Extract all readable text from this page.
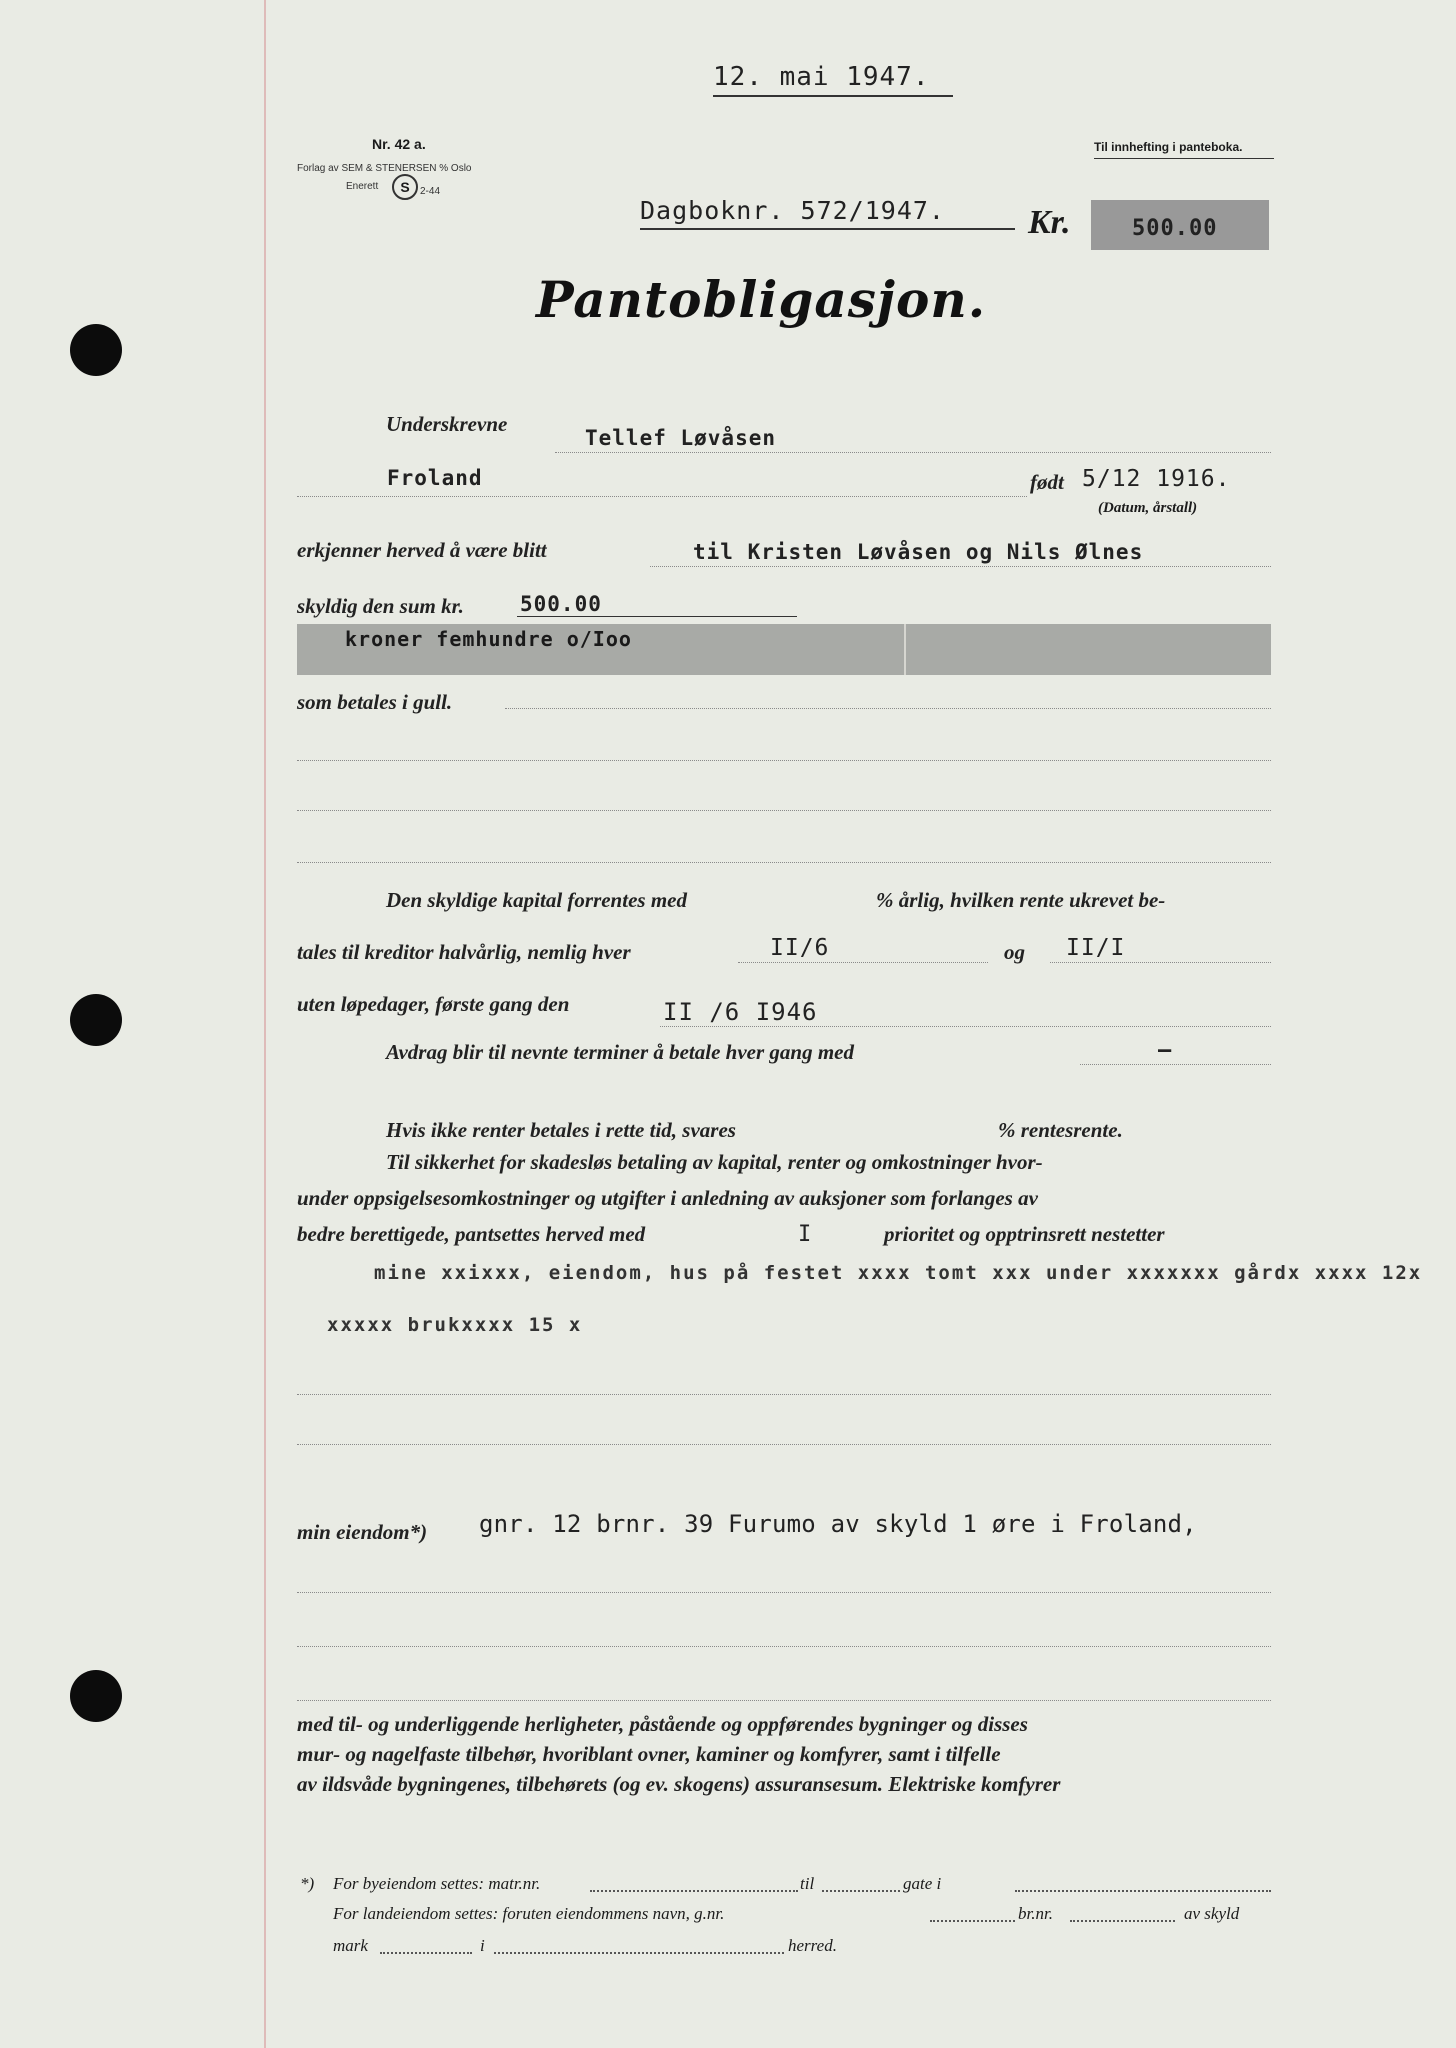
12. mai 1947.
Nr. 42 a.
Forlag av SEM & STENERSEN % Oslo
Enerett	S	2-44
Til innhefting i panteboka.
Dagboknr. 572/1947. Kr.	500.00
Pantobligasjon.
Underskrevne
Tellef Løvåsen
Froland	født 5/12 1916.
(Datum, årstall)
erkjenner herved å være blitt	til Kristen Løvåsen og Nils Ølnes
skyldig den sum kr.	500.00
kroner femhundre o/Ioo
som betales i gull.
Den skyldige kapital forrentes med	% årlig, hvilken rente ukrevet be-
tales til kreditor halvårlig, nemlig hver	II/6	og II/I
uten løpedager, første gang den	II /6 I946
Avdrag blir til nevnte terminer å betale hver gang med	–
Hvis ikke renter betales i rette tid, svares	% rentesrente.
Til sikkerhet for skadesløs betaling av kapital, renter og omkostninger hvor-
under oppsigelsesomkostninger og utgifter i anledning av auksjoner som forlanges av
bedre berettigede, pantsettes herved med	I	prioritet og opptrinsrett nestetter
mine xxixxx, eiendom, hus på festet xxxx tomt xxx under xxxxxxx gårdx xxxx 12x
xxxxx brukxxxx 15 x
min eiendom*) gnr. 12 brnr. 39 Furumo av skyld 1 øre i Froland,
med til- og underliggende herligheter, påstående og oppførendes bygninger og disses
mur- og nagelfaste tilbehør, hvoriblant ovner, kaminer og komfyrer, samt i tilfelle
av ildsvåde bygningenes, tilbehørets (og ev. skogens) assuransesum. Elektriske komfyrer
*) For byeiendom settes: matr.nr.	til	gate i
For landeiendom settes: foruten eiendommens navn, g.nr.	br.nr.	av skyld
mark	i	herred.
